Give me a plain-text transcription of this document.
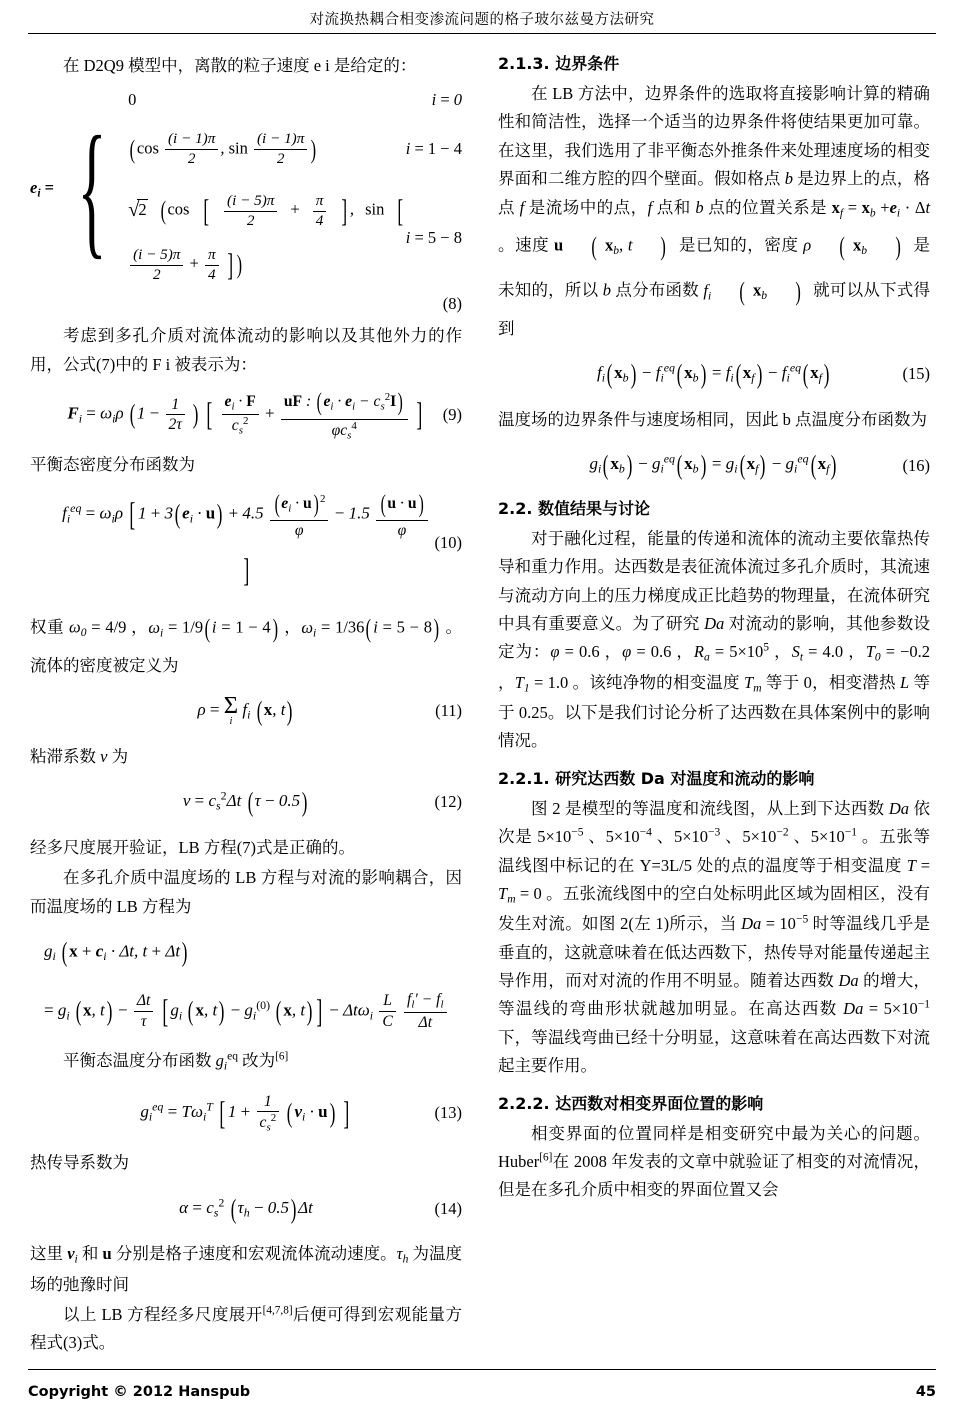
对流换热耦合相变渗流问题的格子玻尔兹曼方法研究

在 D2Q9 模型中，离散的粒子速度 e i 是给定的：

$e_i$ = {
0	i = 0
( $\cos \frac{(i - 1)\pi}{2}$ , $\sin \frac{(i - 1)\pi}{2}$ )	i = 1 − 4
√2 ( cos [ $\frac{(i - 5)\pi}{2} + \frac{\pi}{4}$ ] , sin [
$\frac{(i - 5)\pi}{2} + \frac{\pi}{4}$ ] )
i = 5 − 8
(8)

考虑到多孔介质对流体流动的影响以及其他外力的作用，公式(7)中的 F i 被表示为：

$F_i = \omega_i\rho$ ( $1 - \frac{1}{2\tau}$ ) [ $\frac{e_i \cdot F}{c_s^2} + \frac{uF : ( e_i \cdot e_i - c_s^2I)}{\varphi c_s^4}$ ] (9)

平衡态密度分布函数为

$f_i^{eq} = \omega_i\rho$ [ 1 + 3( $e_i \cdot u) + 4.5 \frac{( e_i \cdot u) ^2}{\varphi} - 1.5 \frac{( u \cdot u)}{\varphi}$
]
(10)

权重 $\omega_0 = 4/9$ ，$\omega_i = 1/9$( i = 1 − 4) ，$\omega_i = 1/36$( i = 5 − 8) 。流体的密度被定义为

ρ = Σ
i
$f_i$ ( x, t)	(11)

粘滞系数 ν 为

$\nu = c_s^2\Delta t$ ( τ − 0.5)	(12)

经多尺度展开验证，LB 方程(7)式是正确的。

在多孔介质中温度场的 LB 方程与对流的影响耦合，因而温度场的 LB 方程为

$g_i$ ( $x + c_i \cdot \Delta t$, t + Δt)
= $g_i$ ( x, $t) - \frac{\Delta t}{\tau}$ [ $g_i$ ( x, $t) - g_i^{(0)}$ ( x, t) ] − $\Delta t\omega_i \frac{L}{C}$
$\frac{f_l' - f_l}{\Delta t}$

平衡态温度分布函数 $g_i^{eq}$ 改为[6]

$g_i^{eq} = T\omega_i^T$ [ $1 + \frac{1}{c_s^2}$ ( $v_i \cdot u$) ]	(13)

热传导系数为

$\alpha = c_s^2$ ( $\tau_h - 0.5$) Δt	(14)

这里 $v_i$ 和 u 分别是格子速度和宏观流体流动速度。$\tau_h$ 为温度场的弛豫时间

以上 LB 方程经多尺度展开[4,7,8]后便可得到宏观能量方程式(3)式。

2.1.3. 边界条件

在 LB 方法中，边界条件的选取将直接影响计算的精确性和简洁性，选择一个适当的边界条件将使结果更加可靠。在这里，我们选用了非平衡态外推条件来处理速度场的相变界面和二维方腔的四个壁面。假如格点 b 是边界上的点，格点 f 是流场中的点，f 点和 b 点的位置关系是 $x_f = x_b +e_i \cdot \Delta t$ 。速度 u ( $x_b$, t ) 是已知的，密度 ρ ( $x_b$ ) 是未知的，所以 b 点分布函数 $f_i$ ( $x_b$ ) 就可以从下式得到

$f_i$( $x_b) - f_i^{eq}$( $x_b) = f_i$( $x_f) - f_i^{eq}$( $x_f$)	(15)

温度场的边界条件与速度场相同，因此 b 点温度分布函数为

$g_i$( $x_b) - g_i^{eq}$( $x_b) = g_i$( $x_f) - g_i^{eq}$( $x_f$)	(16)
2.2. 数值结果与讨论

对于融化过程，能量的传递和流体的流动主要依靠热传导和重力作用。达西数是表征流体流过多孔介质时，其流速与流动方向上的压力梯度成正比趋势的物理量，在流体研究中具有重要意义。为了研究 Da 对流动的影响，其他参数设定为：φ = 0.6 ，φ = 0.6 ，$R_a = 5\times 10^5$ ，$S_t = 4.0$ ，$T_0 = -0.2$ ，$T_1 = 1.0$ 。该纯净物的相变温度 $T_m$ 等于 0，相变潜热 L 等于 0.25。以下是我们讨论分析了达西数在具体案例中的影响情况。

2.2.1. 研究达西数 Da 对温度和流动的影响

图 2 是模型的等温度和流线图，从上到下达西数 Da 依次是 $5\times 10^{-5}$ 、$5\times 10^{-4}$ 、$5\times 10^{-3}$ 、$5\times 10^{-2}$ 、$5\times 10^{-1}$ 。五张等温线图中标记的在 Y=3L/5 处的点的温度等于相变温度 $T = T_m = 0$ 。五张流线图中的空白处标明此区域为固相区，没有发生对流。如图 2(左 1)所示，当 $Da = 10^{-5}$ 时等温线几乎是垂直的，这就意味着在低达西数下，热传导对能量传递起主导作用，而对对流的作用不明显。随着达西数 Da 的增大，等温线的弯曲形状就越加明显。在高达西数 $Da = 5\times 10^{-1}$ 下，等温线弯曲已经十分明显，这意味着在高达西数下对流起主要作用。

2.2.2. 达西数对相变界面位置的影响

相变界面的位置同样是相变研究中最为关心的问题。Huber[6]在 2008 年发表的文章中就验证了相变的对流情况，但是在多孔介质中相变的界面位置又会

Copyright © 2012 Hanspub	45
